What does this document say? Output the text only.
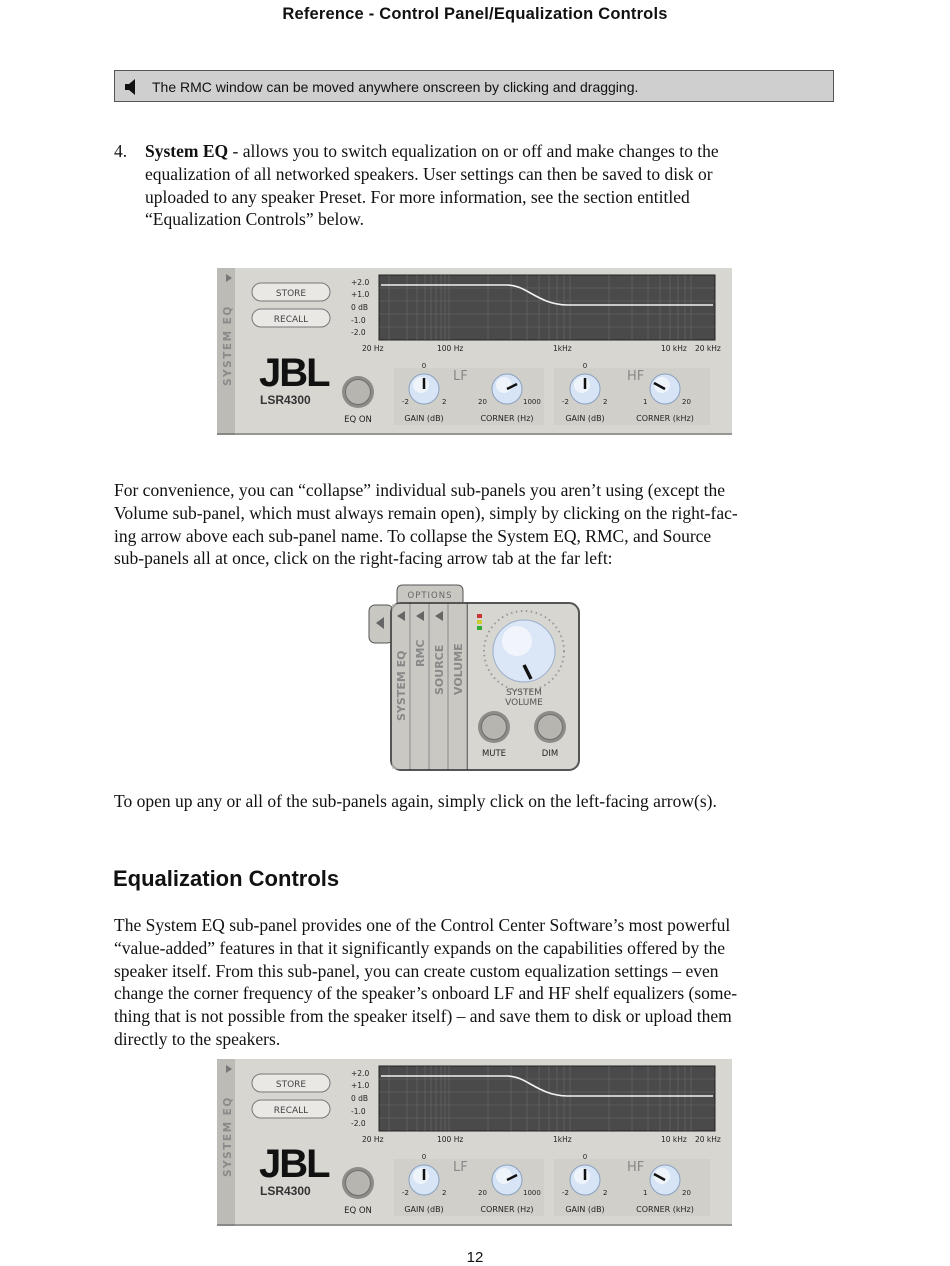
Reference - Control Panel/Equalization Controls
The RMC window can be moved anywhere onscreen by clicking and dragging.
4. System EQ - allows you to switch equalization on or off and make changes to the
equalization of all networked speakers. User settings can then be saved to disk or
uploaded to any speaker Preset. For more information, see the section entitled
“Equalization Controls” below.
SYSTEM EQ
STORE
RECALL
+2.0
+1.0
0 dB
-1.0
-2.0
20 Hz	100 Hz	1kHz	10 kHz 20 kHz
JBL
LSR4300
EQ ON
LF	HF
0
-2	2
GAIN (dB)
20	1000
CORNER (Hz)
0
-2	2
GAIN (dB)
1	20
CORNER (kHz)
For convenience, you can “collapse” individual sub-panels you aren’t using (except the
Volume sub-panel, which must always remain open), simply by clicking on the right-fac-
ing arrow above each sub-panel name. To collapse the System EQ, RMC, and Source
sub-panels all at once, click on the right-facing arrow tab at the far left:
OPTIONS
SYSTEM EQ RMC SOURCE VOLUME	SYSTEM
VOLUME
MUTE	DIM
To open up any or all of the sub-panels again, simply click on the left-facing arrow(s).
Equalization Controls
The System EQ sub-panel provides one of the Control Center Software’s most powerful
“value-added” features in that it significantly expands on the capabilities offered by the
speaker itself. From this sub-panel, you can create custom equalization settings – even
change the corner frequency of the speaker’s onboard LF and HF shelf equalizers (some-
thing that is not possible from the speaker itself) – and save them to disk or upload them
directly to the speakers.
SYSTEM EQ
STORE
RECALL
+2.0
+1.0
0 dB
-1.0
-2.0
20 Hz	100 Hz	1kHz	10 kHz 20 kHz
JBL
LSR4300
EQ ON
LF	HF
0
-2	2
GAIN (dB)
20	1000
CORNER (Hz)
0
-2	2
GAIN (dB)
1	20
CORNER (kHz)
12
